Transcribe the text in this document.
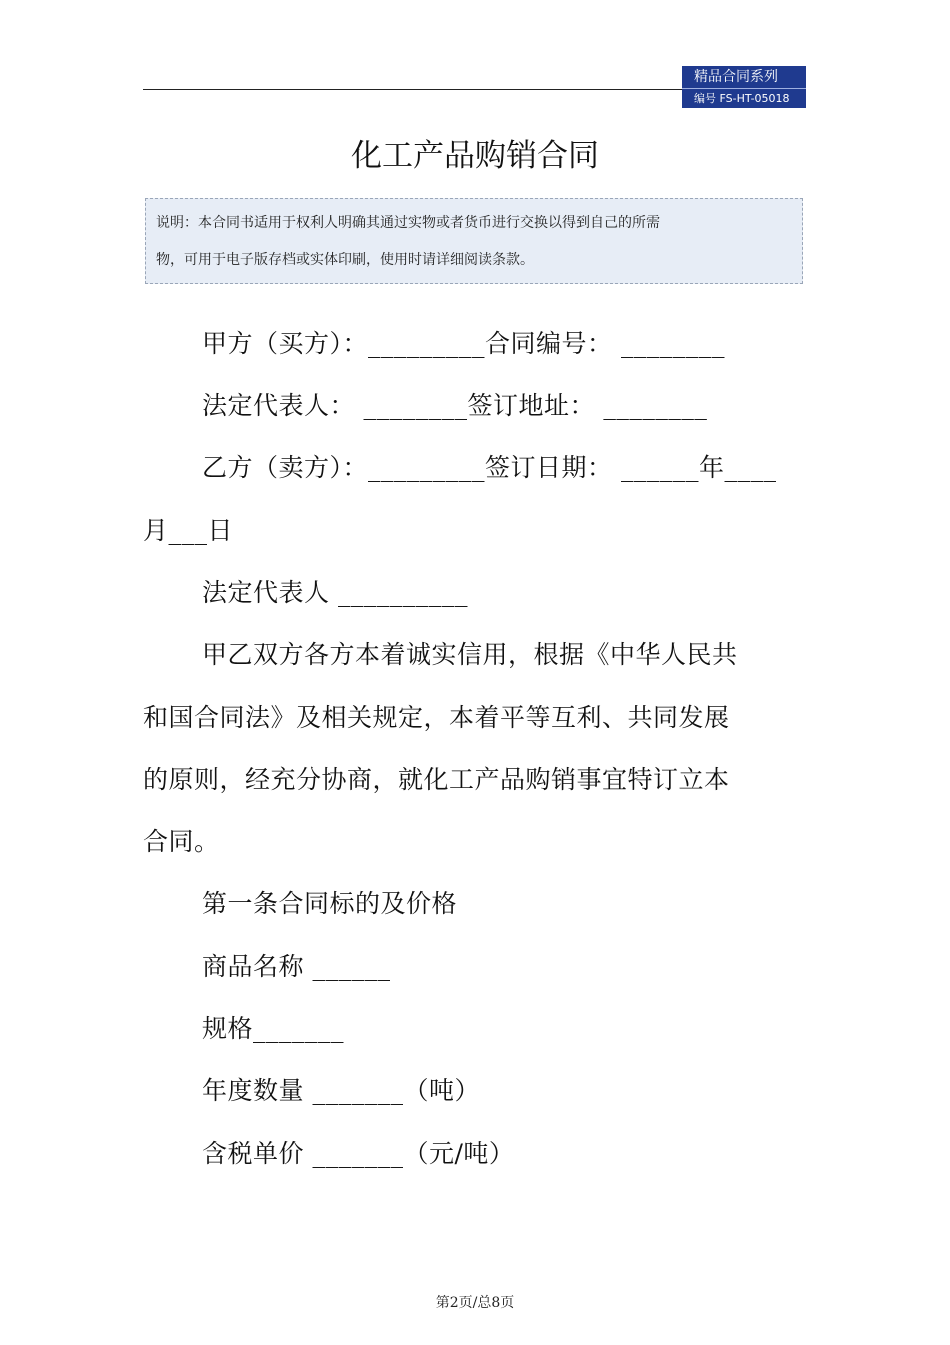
精品合同系列
编号 FS-HT-05018
化工产品购销合同
说明：本合同书适用于权利人明确其通过实物或者货币进行交换以得到自己的所需
物，可用于电子版存档或实体印刷，使用时请详细阅读条款。
甲方（买方）：_________合同编号： ________
法定代表人： ________签订地址： ________
乙方（卖方）：_________签订日期： ______年____
月___日
法定代表人 __________
甲乙双方各方本着诚实信用，根据《中华人民共
和国合同法》及相关规定，本着平等互利、共同发展
的原则，经充分协商，就化工产品购销事宜特订立本
合同。
第一条合同标的及价格
商品名称 ______
规格_______
年度数量 _______（吨）
含税单价 _______（元/吨）
第2页/总8页
